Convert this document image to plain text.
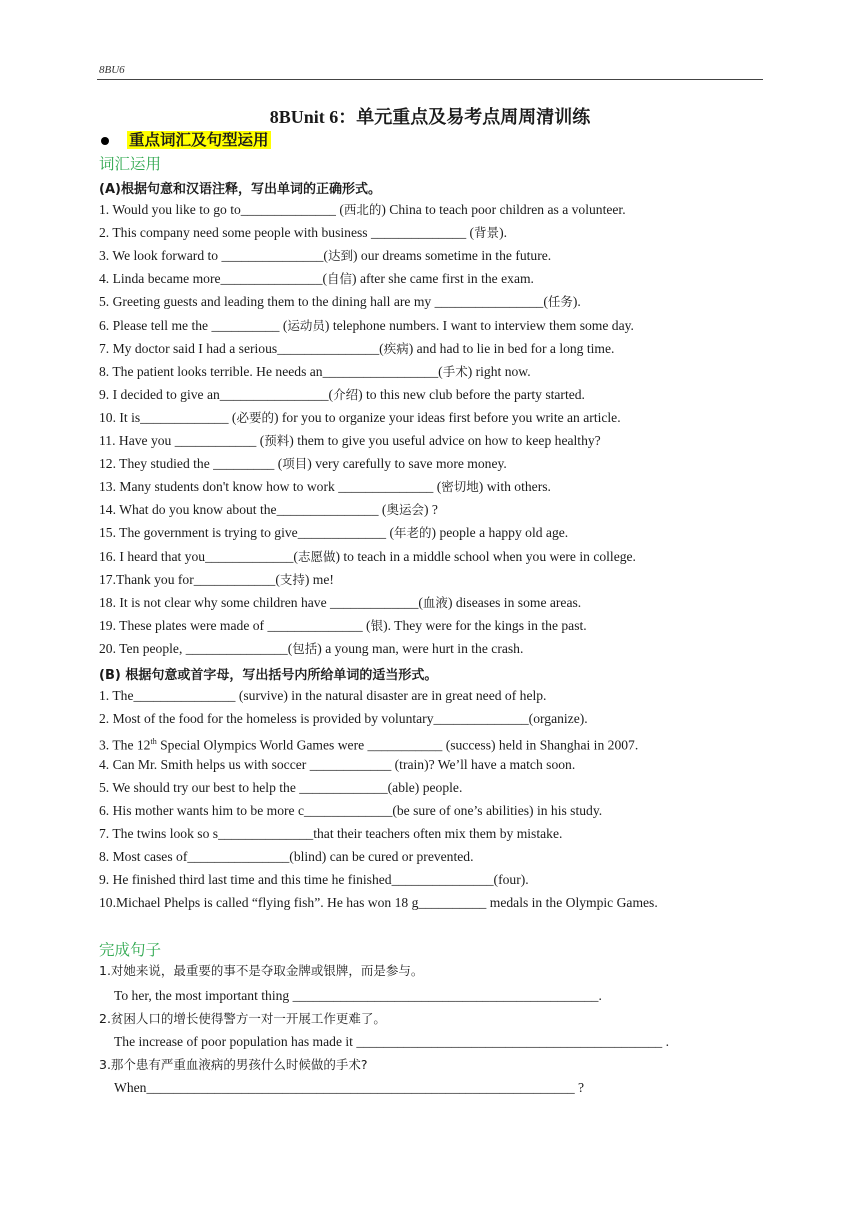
8BU6
8BUnit 6：单元重点及易考点周周清训练
重点词汇及句型运用
词汇运用
(A)根据句意和汉语注释，写出单词的正确形式。
1. Would you like to go to______________ (西北的) China to teach poor children as a volunteer.
2. This company need some people with business ______________ (背景).
3. We look forward to _______________(达到) our dreams sometime in the future.
4. Linda became more_______________(自信) after she came first in the exam.
5. Greeting guests and leading them to the dining hall are my ________________(任务).
6. Please tell me the __________ (运动员) telephone numbers. I want to interview them some day.
7. My doctor said I had a serious_______________(疾病) and had to lie in bed for a long time.
8. The patient looks terrible. He needs an_________________(手术) right now.
9. I decided to give an________________(介绍) to this new club before the party started.
10. It is_____________ (必要的) for you to organize your ideas first before you write an article.
11. Have you ____________ (预料) them to give you useful advice on how to keep healthy?
12. They studied the _________ (项目) very carefully to save more money.
13. Many students don't know how to work ______________ (密切地) with others.
14. What do you know about the_______________ (奥运会) ?
15. The government is trying to give_____________ (年老的) people a happy old age.
16. I heard that you_____________(志愿做) to teach in a middle school when you were in college.
17.Thank you for____________(支持) me!
18. It is not clear why some children have _____________(血液) diseases in some areas.
19. These plates were made of ______________ (银). They were for the kings in the past.
20. Ten people, _______________(包括) a young man, were hurt in the crash.
(B) 根据句意或首字母，写出括号内所给单词的适当形式。
1. The_______________ (survive) in the natural disaster are in great need of help.
2. Most of the food for the homeless is provided by voluntary______________(organize).
3. The 12th Special Olympics World Games were ___________ (success) held in Shanghai in 2007.
4. Can Mr. Smith helps us with soccer ____________ (train)? We’ll have a match soon.
5. We should try our best to help the _____________(able) people.
6. His mother wants him to be more c_____________(be sure of one’s abilities) in his study.
7. The twins look so s______________that their teachers often mix them by mistake.
8. Most cases of_______________(blind) can be cured or prevented.
9. He finished third last time and this time he finished_______________(four).
10.Michael Phelps is called “flying fish”. He has won 18 g__________ medals in the Olympic Games.
完成句子
1.对她来说，最重要的事不是夺取金牌或银牌，而是参与。
To her, the most important thing _____________________________________________.
2.贫困人口的增长使得警方一对一开展工作更难了。
The increase of poor population has made it _____________________________________________ .
3.那个患有严重血液病的男孩什么时候做的手术?
When_______________________________________________________________ ?
